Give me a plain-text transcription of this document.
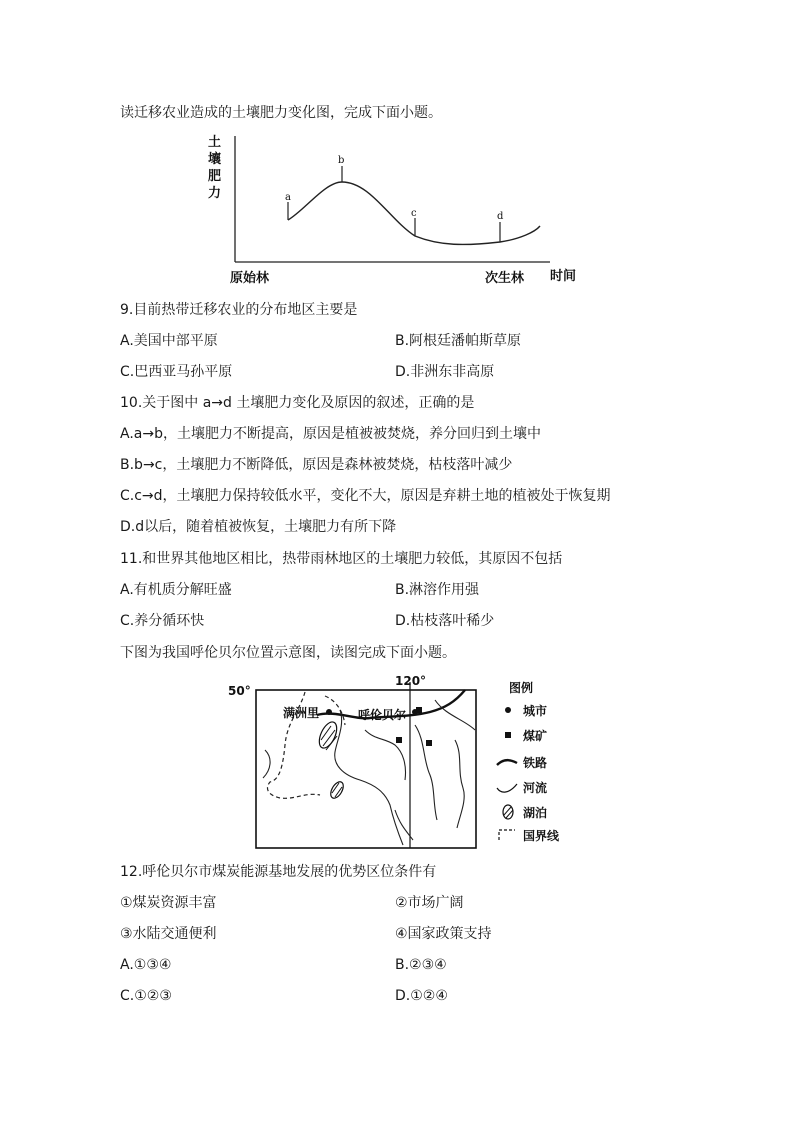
读迁移农业造成的土壤肥力变化图，完成下面小题。
土
壤
肥
力	a
b
c	d
原始林	次生林 时间
9.目前热带迁移农业的分布地区主要是
A.美国中部平原	B.阿根廷潘帕斯草原
C.巴西亚马孙平原	D.非洲东非高原
10.关于图中 a→d 土壤肥力变化及原因的叙述，正确的是
A.a→b，土壤肥力不断提高，原因是植被被焚烧，养分回归到土壤中
B.b→c，土壤肥力不断降低，原因是森林被焚烧，枯枝落叶减少
C.c→d，土壤肥力保持较低水平，变化不大，原因是弃耕土地的植被处于恢复期
D.d以后，随着植被恢复，土壤肥力有所下降
11.和世界其他地区相比，热带雨林地区的土壤肥力较低，其原因不包括
A.有机质分解旺盛	B.淋溶作用强
C.养分循环快	D.枯枝落叶稀少
下图为我国呼伦贝尔位置示意图，读图完成下面小题。
50°
120°
满洲里	呼伦贝尔
图例
城市
煤矿
铁路
河流
湖泊
国界线
12.呼伦贝尔市煤炭能源基地发展的优势区位条件有
①煤炭资源丰富	②市场广阔
③水陆交通便利	④国家政策支持
A.①③④	B.②③④
C.①②③	D.①②④
